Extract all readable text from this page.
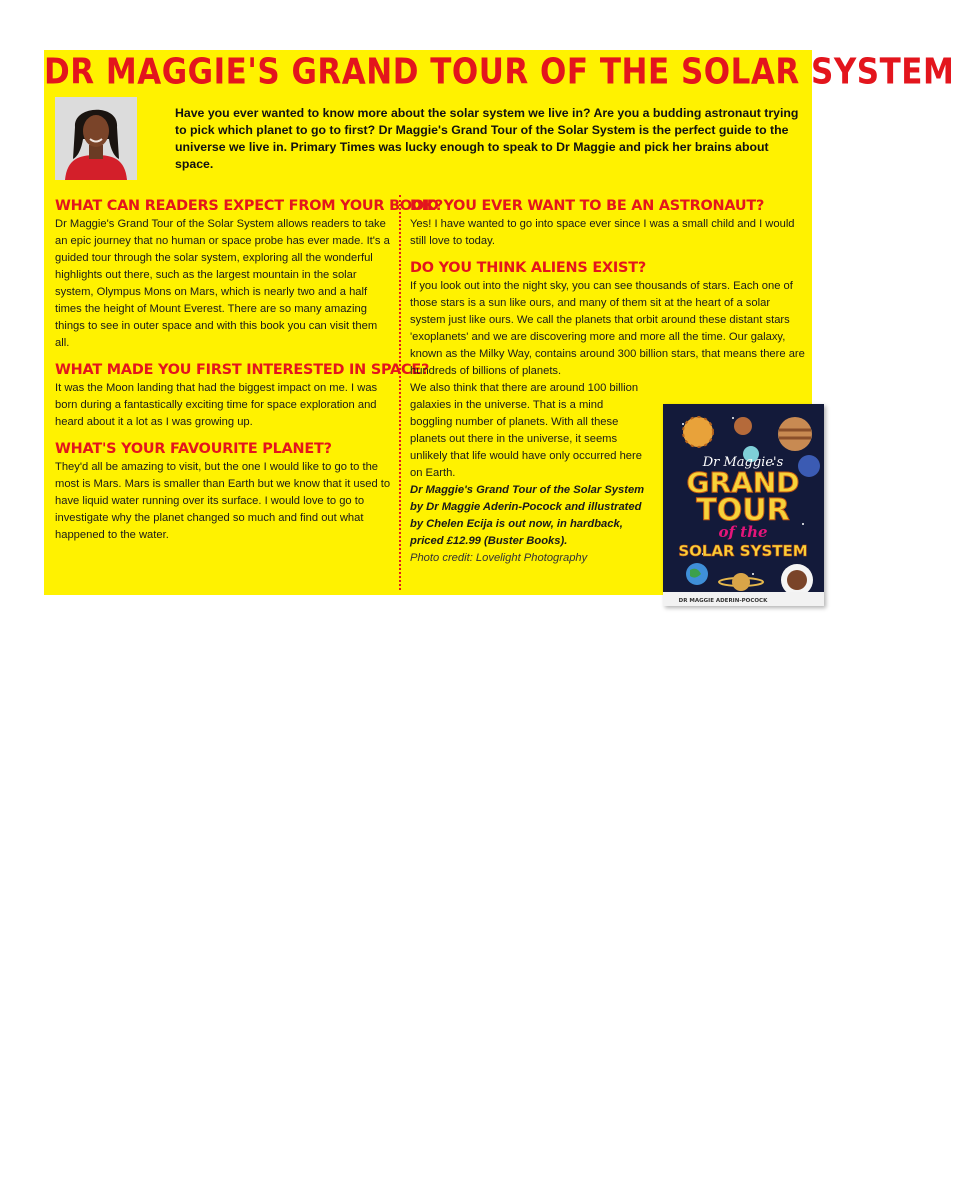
DR MAGGIE'S GRAND TOUR OF THE SOLAR SYSTEM
Have you ever wanted to know more about the solar system we live in? Are you a budding astronaut trying to pick which planet to go to first? Dr Maggie's Grand Tour of the Solar System is the perfect guide to the universe we live in. Primary Times was lucky enough to speak to Dr Maggie and pick her brains about space.
WHAT CAN READERS EXPECT FROM YOUR BOOK?

Dr Maggie's Grand Tour of the Solar System allows readers to take an epic journey that no human or space probe has ever made. It's a guided tour through the solar system, exploring all the wonderful highlights out there, such as the largest mountain in the solar system, Olympus Mons on Mars, which is nearly two and a half times the height of Mount Everest. There are so many amazing things to see in outer space and with this book you can visit them all.

WHAT MADE YOU FIRST INTERESTED IN SPACE?

It was the Moon landing that had the biggest impact on me. I was born during a fantastically exciting time for space exploration and heard about it a lot as I was growing up.

WHAT'S YOUR FAVOURITE PLANET?

They'd all be amazing to visit, but the one I would like to go to the most is Mars. Mars is smaller than Earth but we know that it used to have liquid water running over its surface. I would love to go to investigate why the planet changed so much and find out what happened to the water.

DID YOU EVER WANT TO BE AN ASTRONAUT?

Yes! I have wanted to go into space ever since I was a small child and I would still love to today.

DO YOU THINK ALIENS EXIST?

If you look out into the night sky, you can see thousands of stars. Each one of those stars is a sun like ours, and many of them sit at the heart of a solar system just like ours. We call the planets that orbit around these distant stars 'exoplanets' and we are discovering more and more all the time. Our galaxy, known as the Milky Way, contains around 300 billion stars, that means there are hundreds of billions of planets.

We also think that there are around 100 billion galaxies in the universe. That is a mind boggling number of planets. With all these planets out there in the universe, it seems unlikely that life would have only occurred here on Earth.

Dr Maggie's Grand Tour of the Solar System by Dr Maggie Aderin-Pocock and illustrated by Chelen Ecija is out now, in hardback, priced £12.99 (Buster Books).

Photo credit: Lovelight Photography

Dr Maggie's
GRAND
TOUR
of the
SOLAR SYSTEM
DR MAGGIE ADERIN-POCOCK
